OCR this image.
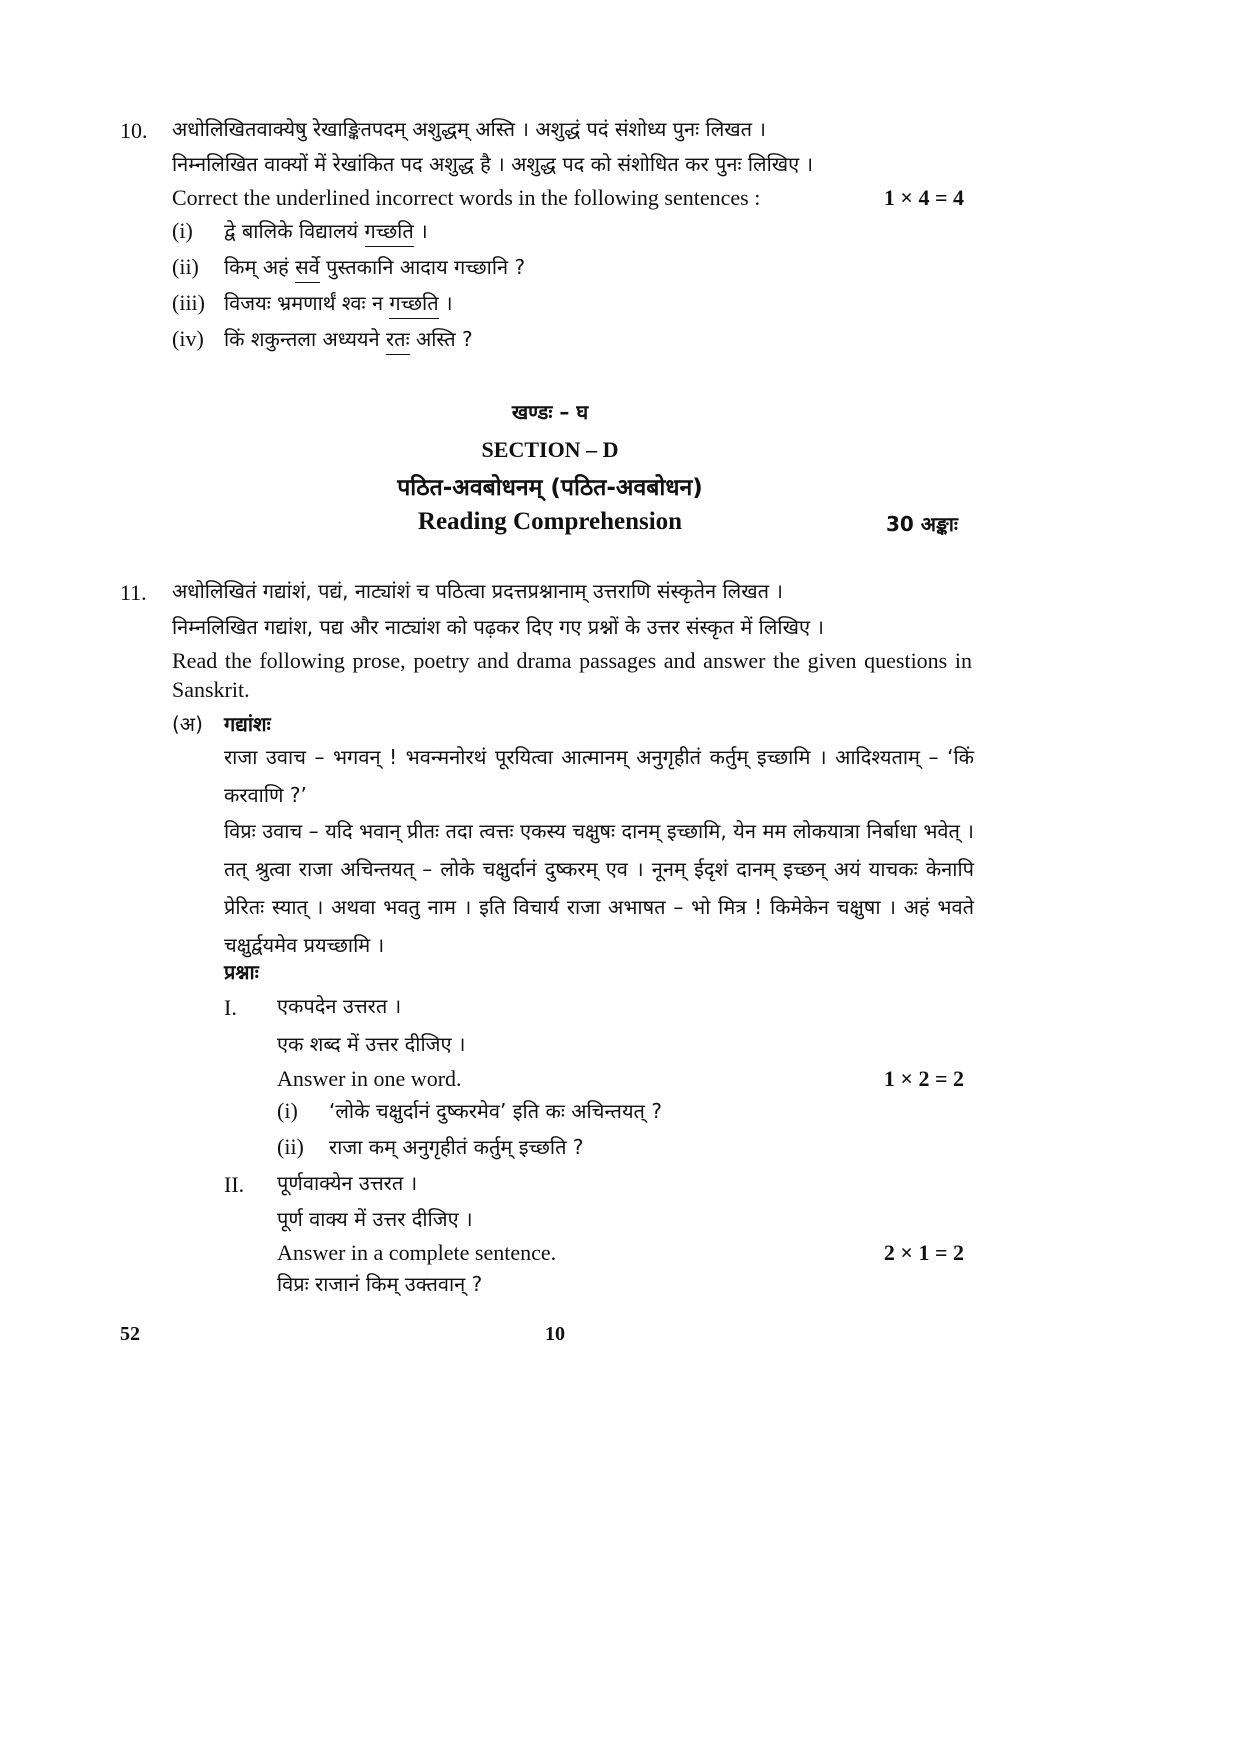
10. अधोलिखितवाक्येषु रेखाङ्कितपदम् अशुद्धम् अस्ति । अशुद्धं पदं संशोध्य पुनः लिखत ।
निम्नलिखित वाक्यों में रेखांकित पद अशुद्ध है । अशुद्ध पद को संशोधित कर पुनः लिखिए ।
Correct the underlined incorrect words in the following sentences :	1 × 4 = 4
(i) द्वे बालिके विद्यालयं गच्छति ।
(ii) किम् अहं सर्वे पुस्तकानि आदाय गच्छानि ?
(iii) विजयः भ्रमणार्थं श्वः न गच्छति ।
(iv) किं शकुन्तला अध्ययने रतः अस्ति ?
खण्डः – घ
SECTION – D
पठित-अवबोधनम् (पठित-अवबोधन)
Reading Comprehension	30 अङ्काः
11. अधोलिखितं गद्यांशं, पद्यं, नाट्यांशं च पठित्वा प्रदत्तप्रश्नानाम् उत्तराणि संस्कृतेन लिखत ।
निम्नलिखित गद्यांश, पद्य और नाट्यांश को पढ़कर दिए गए प्रश्नों के उत्तर संस्कृत में लिखिए ।
Read the following prose, poetry and drama passages and answer the given questions in Sanskrit.
(अ) गद्यांशः
राजा उवाच – भगवन् ! भवन्मनोरथं पूरयित्वा आत्मानम् अनुगृहीतं कर्तुम् इच्छामि । आदिश्यताम् – ‘किं करवाणि ?’
विप्रः उवाच – यदि भवान् प्रीतः तदा त्वत्तः एकस्य चक्षुषः दानम् इच्छामि, येन मम लोकयात्रा निर्बाधा भवेत् । तत् श्रुत्वा राजा अचिन्तयत् – लोके चक्षुर्दानं दुष्करम् एव । नूनम् ईदृशं दानम् इच्छन् अयं याचकः केनापि प्रेरितः स्यात् । अथवा भवतु नाम । इति विचार्य राजा अभाषत – भो मित्र ! किमेकेन चक्षुषा । अहं भवते चक्षुर्द्वयमेव प्रयच्छामि ।
प्रश्नाः
I. एकपदेन उत्तरत ।
एक शब्द में उत्तर दीजिए ।
Answer in one word.	1 × 2 = 2
(i) ‘लोके चक्षुर्दानं दुष्करमेव’ इति कः अचिन्तयत् ?
(ii) राजा कम् अनुगृहीतं कर्तुम् इच्छति ?
II. पूर्णवाक्येन उत्तरत ।
पूर्ण वाक्य में उत्तर दीजिए ।
Answer in a complete sentence.	2 × 1 = 2
विप्रः राजानं किम् उक्तवान् ?
52	10
